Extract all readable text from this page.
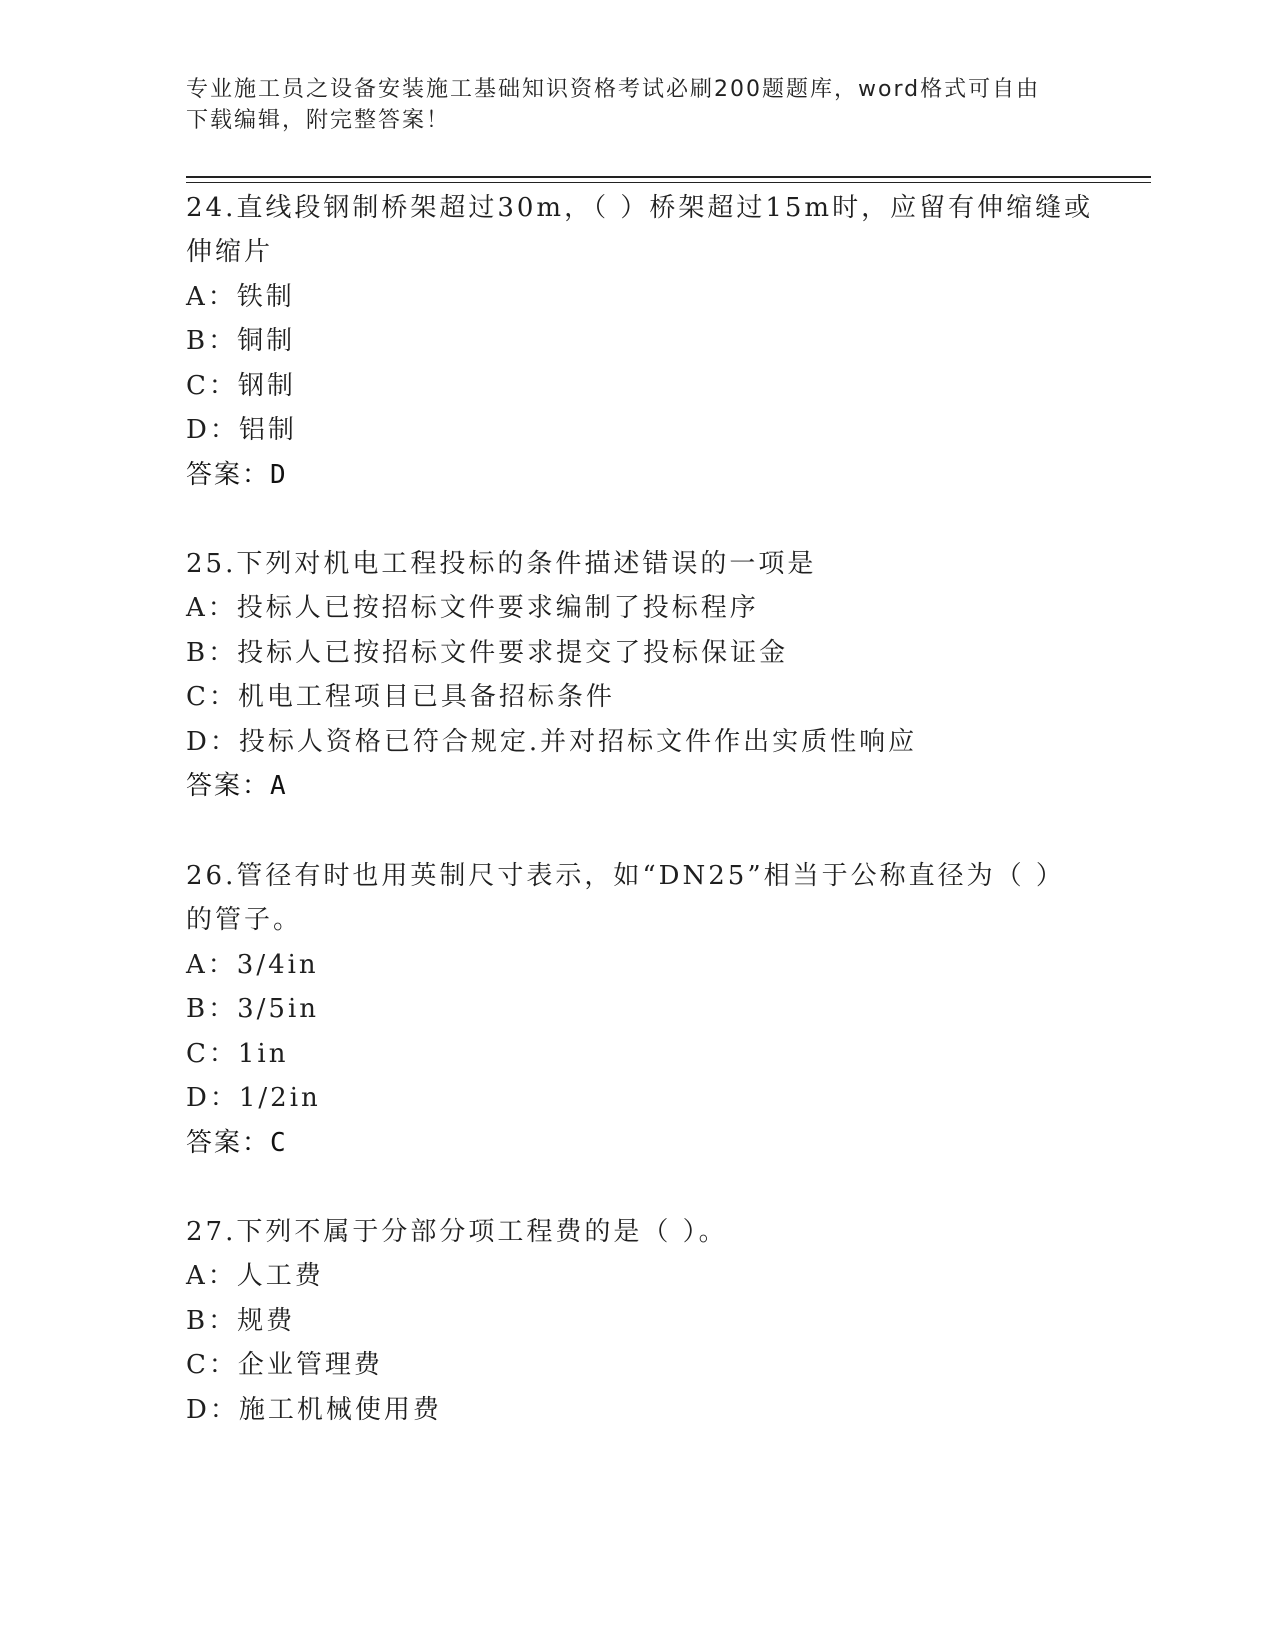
专业施工员之设备安装施工基础知识资格考试必刷200题题库，word格式可自由
下载编辑，附完整答案！
24.直线段钢制桥架超过30m，（ ）桥架超过15m时，应留有伸缩缝或
伸缩片
A：铁制
B：铜制
C：钢制
D：铝制
答案：D
25.下列对机电工程投标的条件描述错误的一项是
A：投标人已按招标文件要求编制了投标程序
B：投标人已按招标文件要求提交了投标保证金
C：机电工程项目已具备招标条件
D：投标人资格已符合规定.并对招标文件作出实质性响应
答案：A
26.管径有时也用英制尺寸表示，如“DN25”相当于公称直径为（ ）
的管子。
A：3/4in
B：3/5in
C：1in
D：1/2in
答案：C
27.下列不属于分部分项工程费的是（ ）。
A：人工费
B：规费
C：企业管理费
D：施工机械使用费
